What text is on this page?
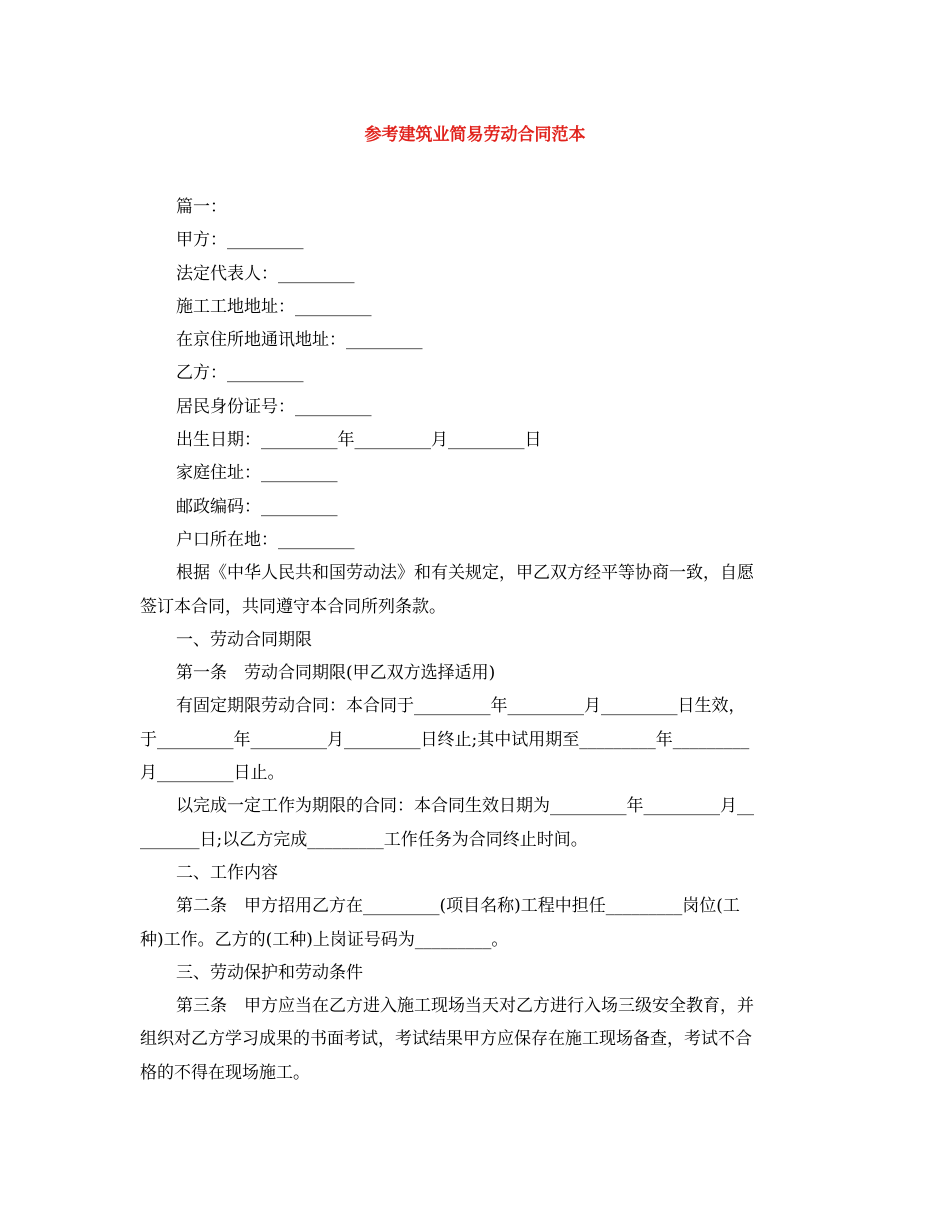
参考建筑业简易劳动合同范本
篇一：
甲方：_________
法定代表人：_________
施工工地地址：_________
在京住所地通讯地址：_________
乙方：_________
居民身份证号：_________
出生日期：_________年_________月_________日
家庭住址：_________
邮政编码：_________
户口所在地：_________
根据《中华人民共和国劳动法》和有关规定，甲乙双方经平等协商一致，自愿
签订本合同，共同遵守本合同所列条款。
一、劳动合同期限
第一条　劳动合同期限(甲乙双方选择适用)
有固定期限劳动合同：本合同于_________年_________月_________日生效，
于_________年_________月_________日终止;其中试用期至_________年_________
月_________日止。
以完成一定工作为期限的合同：本合同生效日期为_________年_________月__
_______日;以乙方完成_________工作任务为合同终止时间。
二、工作内容
第二条　甲方招用乙方在_________(项目名称)工程中担任_________岗位(工
种)工作。乙方的(工种)上岗证号码为_________。
三、劳动保护和劳动条件
第三条　甲方应当在乙方进入施工现场当天对乙方进行入场三级安全教育，并
组织对乙方学习成果的书面考试，考试结果甲方应保存在施工现场备查，考试不合
格的不得在现场施工。
